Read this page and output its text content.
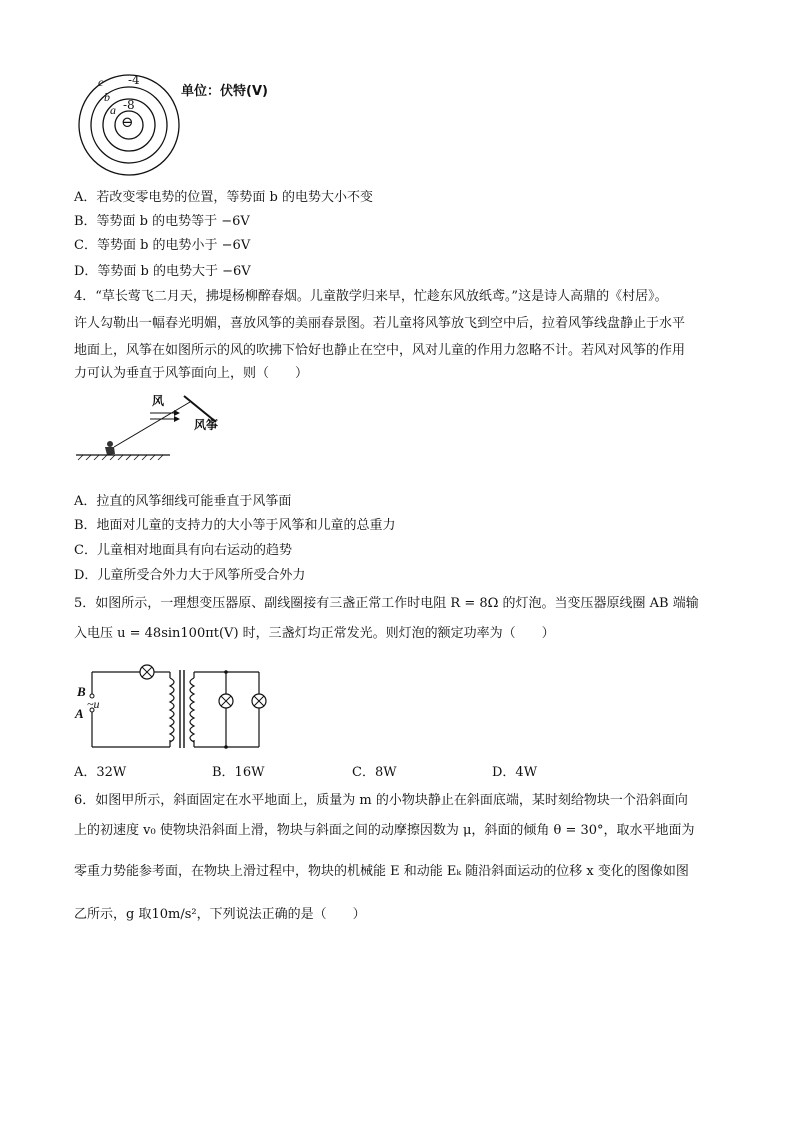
c -4
b
a -8
⊖
单位：伏特(V)
A．若改变零电势的位置，等势面 b 的电势大小不变
B．等势面 b 的电势等于 −6V
C．等势面 b 的电势小于 −6V
D．等势面 b 的电势大于 −6V
4．“草长莺飞二月天，拂堤杨柳醉春烟。儿童散学归来早，忙趁东风放纸鸢。”这是诗人高鼎的《村居》。
许人勾勒出一幅春光明媚，喜放风筝的美丽春景图。若儿童将风筝放飞到空中后，拉着风筝线盘静止于水平
地面上，风筝在如图所示的风的吹拂下恰好也静止在空中，风对儿童的作用力忽略不计。若风对风筝的作用
力可认为垂直于风筝面向上，则（　　）
风
风筝
A．拉直的风筝细线可能垂直于风筝面
B．地面对儿童的支持力的大小等于风筝和儿童的总重力
C．儿童相对地面具有向右运动的趋势
D．儿童所受合外力大于风筝所受合外力
5．如图所示，一理想变压器原、副线圈接有三盏正常工作时电阻 R = 8Ω 的灯泡。当变压器原线圈 AB 端输
入电压 u = 48sin100πt(V) 时，三盏灯均正常发光。则灯泡的额定功率为（　　）
B
A
~u
A．32W	B．16W	C．8W	D．4W
6．如图甲所示，斜面固定在水平地面上，质量为 m 的小物块静止在斜面底端，某时刻给物块一个沿斜面向
上的初速度 v₀ 使物块沿斜面上滑，物块与斜面之间的动摩擦因数为 μ，斜面的倾角 θ = 30°，取水平地面为
零重力势能参考面，在物块上滑过程中，物块的机械能 E 和动能 Eₖ 随沿斜面运动的位移 x 变化的图像如图
乙所示，g 取10m/s²，下列说法正确的是（　　）
